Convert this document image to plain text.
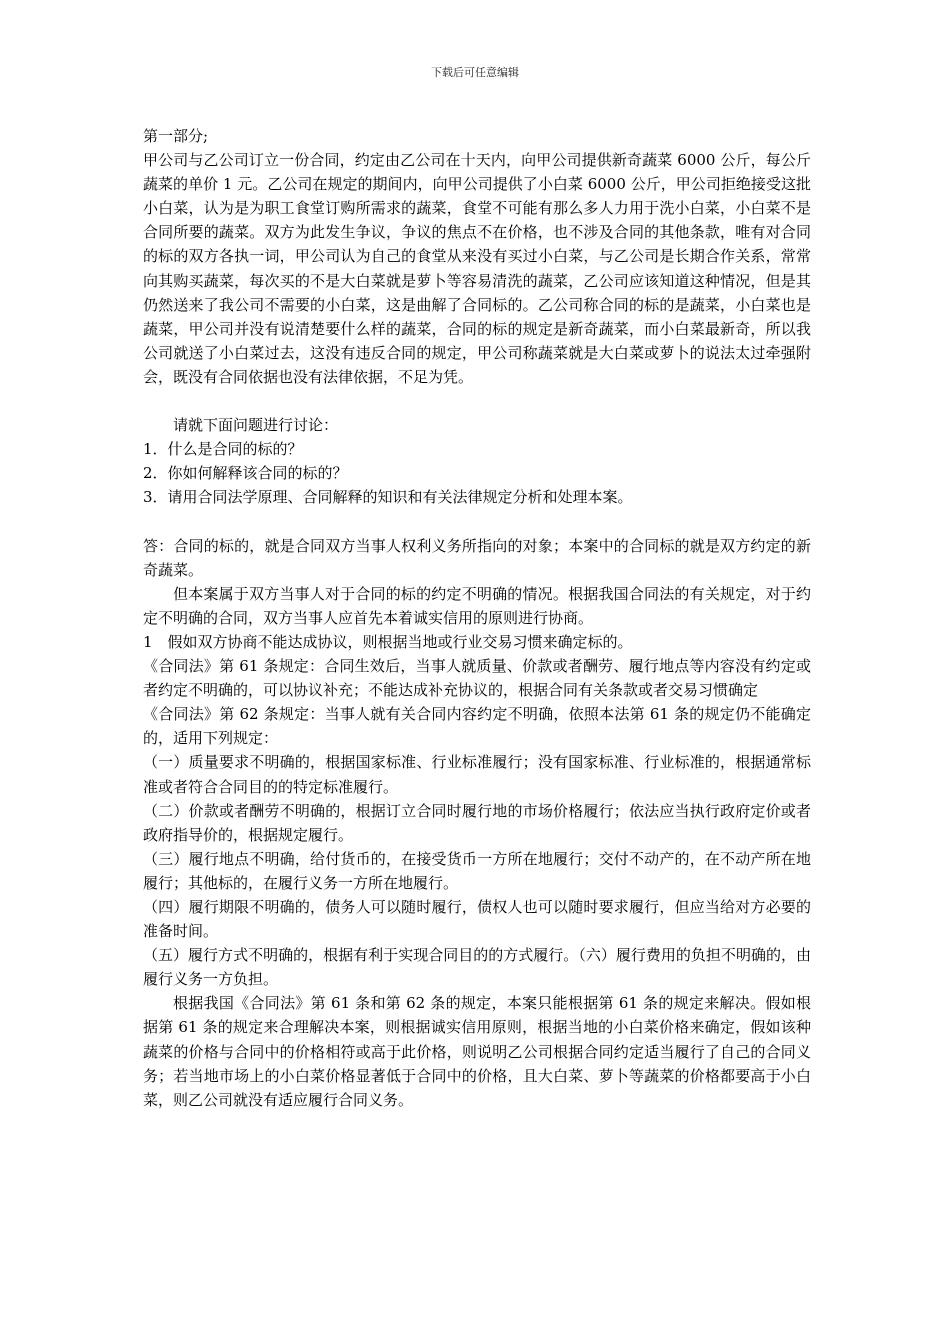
下载后可任意编辑

第一部分;

甲公司与乙公司订立一份合同，约定由乙公司在十天内，向甲公司提供新奇蔬菜 6000 公斤，每公斤蔬菜的单价 1 元。乙公司在规定的期间内，向甲公司提供了小白菜 6000 公斤，甲公司拒绝接受这批小白菜，认为是为职工食堂订购所需求的蔬菜，食堂不可能有那么多人力用于洗小白菜，小白菜不是合同所要的蔬菜。双方为此发生争议，争议的焦点不在价格，也不涉及合同的其他条款，唯有对合同的标的双方各执一词，甲公司认为自己的食堂从来没有买过小白菜，与乙公司是长期合作关系，常常向其购买蔬菜，每次买的不是大白菜就是萝卜等容易清洗的蔬菜，乙公司应该知道这种情况，但是其仍然送来了我公司不需要的小白菜，这是曲解了合同标的。乙公司称合同的标的是蔬菜，小白菜也是蔬菜，甲公司并没有说清楚要什么样的蔬菜，合同的标的规定是新奇蔬菜，而小白菜最新奇，所以我公司就送了小白菜过去，这没有违反合同的规定，甲公司称蔬菜就是大白菜或萝卜的说法太过牵强附会，既没有合同依据也没有法律依据，不足为凭。

请就下面问题进行讨论：

1．什么是合同的标的？

2．你如何解释该合同的标的？

3．请用合同法学原理、合同解释的知识和有关法律规定分析和处理本案。

答：合同的标的，就是合同双方当事人权利义务所指向的对象；本案中的合同标的就是双方约定的新奇蔬菜。

但本案属于双方当事人对于合同的标的约定不明确的情况。根据我国合同法的有关规定，对于约定不明确的合同，双方当事人应首先本着诚实信用的原则进行协商。

1　假如双方协商不能达成协议，则根据当地或行业交易习惯来确定标的。

《合同法》第 61 条规定：合同生效后，当事人就质量、价款或者酬劳、履行地点等内容没有约定或者约定不明确的，可以协议补充；不能达成补充协议的，根据合同有关条款或者交易习惯确定

《合同法》第 62 条规定：当事人就有关合同内容约定不明确，依照本法第 61 条的规定仍不能确定的，适用下列规定：

（一）质量要求不明确的，根据国家标准、行业标准履行；没有国家标准、行业标准的，根据通常标准或者符合合同目的的特定标准履行。

（二）价款或者酬劳不明确的，根据订立合同时履行地的市场价格履行；依法应当执行政府定价或者政府指导价的，根据规定履行。

（三）履行地点不明确，给付货币的，在接受货币一方所在地履行；交付不动产的，在不动产所在地履行；其他标的，在履行义务一方所在地履行。

（四）履行期限不明确的，债务人可以随时履行，债权人也可以随时要求履行，但应当给对方必要的准备时间。

（五）履行方式不明确的，根据有利于实现合同目的的方式履行。（六）履行费用的负担不明确的，由履行义务一方负担。

根据我国《合同法》第 61 条和第 62 条的规定，本案只能根据第 61 条的规定来解决。假如根据第 61 条的规定来合理解决本案，则根据诚实信用原则，根据当地的小白菜价格来确定，假如该种蔬菜的价格与合同中的价格相符或高于此价格，则说明乙公司根据合同约定适当履行了自己的合同义务；若当地市场上的小白菜价格显著低于合同中的价格，且大白菜、萝卜等蔬菜的价格都要高于小白菜，则乙公司就没有适应履行合同义务。
